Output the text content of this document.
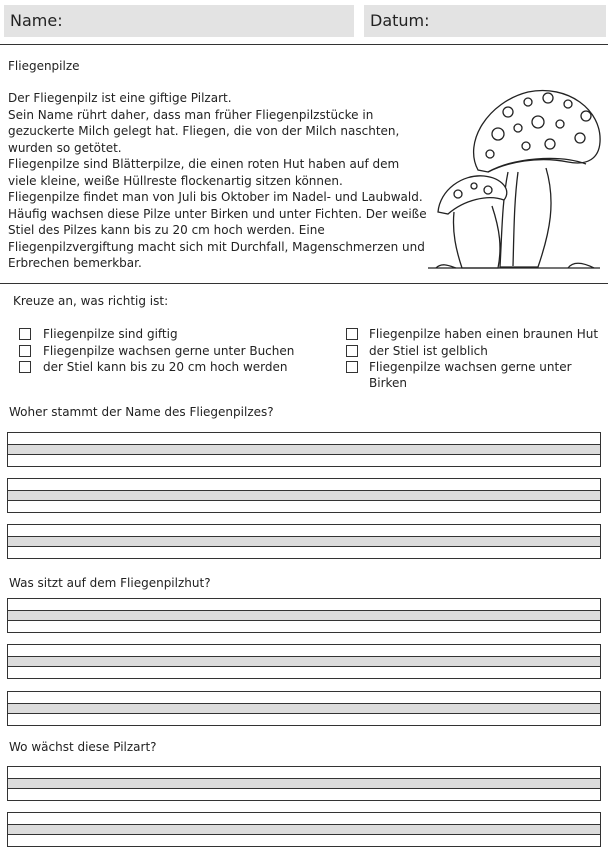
Name:	Datum:
Fliegenpilze

Der Fliegenpilz ist eine giftige Pilzart.

Sein Name rührt daher, dass man früher Fliegenpilzstücke in gezuckerte Milch gelegt hat. Fliegen, die von der Milch naschten, wurden so getötet.

Fliegenpilze sind Blätterpilze, die einen roten Hut haben auf dem viele kleine, weiße Hüllreste flockenartig sitzen können.

Fliegenpilze findet man von Juli bis Oktober im Nadel- und Laubwald. Häufig wachsen diese Pilze unter Birken und unter Fichten. Der weiße Stiel des Pilzes kann bis zu 20 cm hoch werden. Eine Fliegenpilzvergiftung macht sich mit Durchfall, Magenschmerzen und Erbrechen bemerkbar.

Kreuze an, was richtig ist:
Fliegenpilze sind giftig
Fliegenpilze wachsen gerne unter Buchen
der Stiel kann bis zu 20 cm hoch werden
Fliegenpilze haben einen braunen Hut
der Stiel ist gelblich
Fliegenpilze wachsen gerne unter Birken
Woher stammt der Name des Fliegenpilzes?
Was sitzt auf dem Fliegenpilzhut?
Wo wächst diese Pilzart?
